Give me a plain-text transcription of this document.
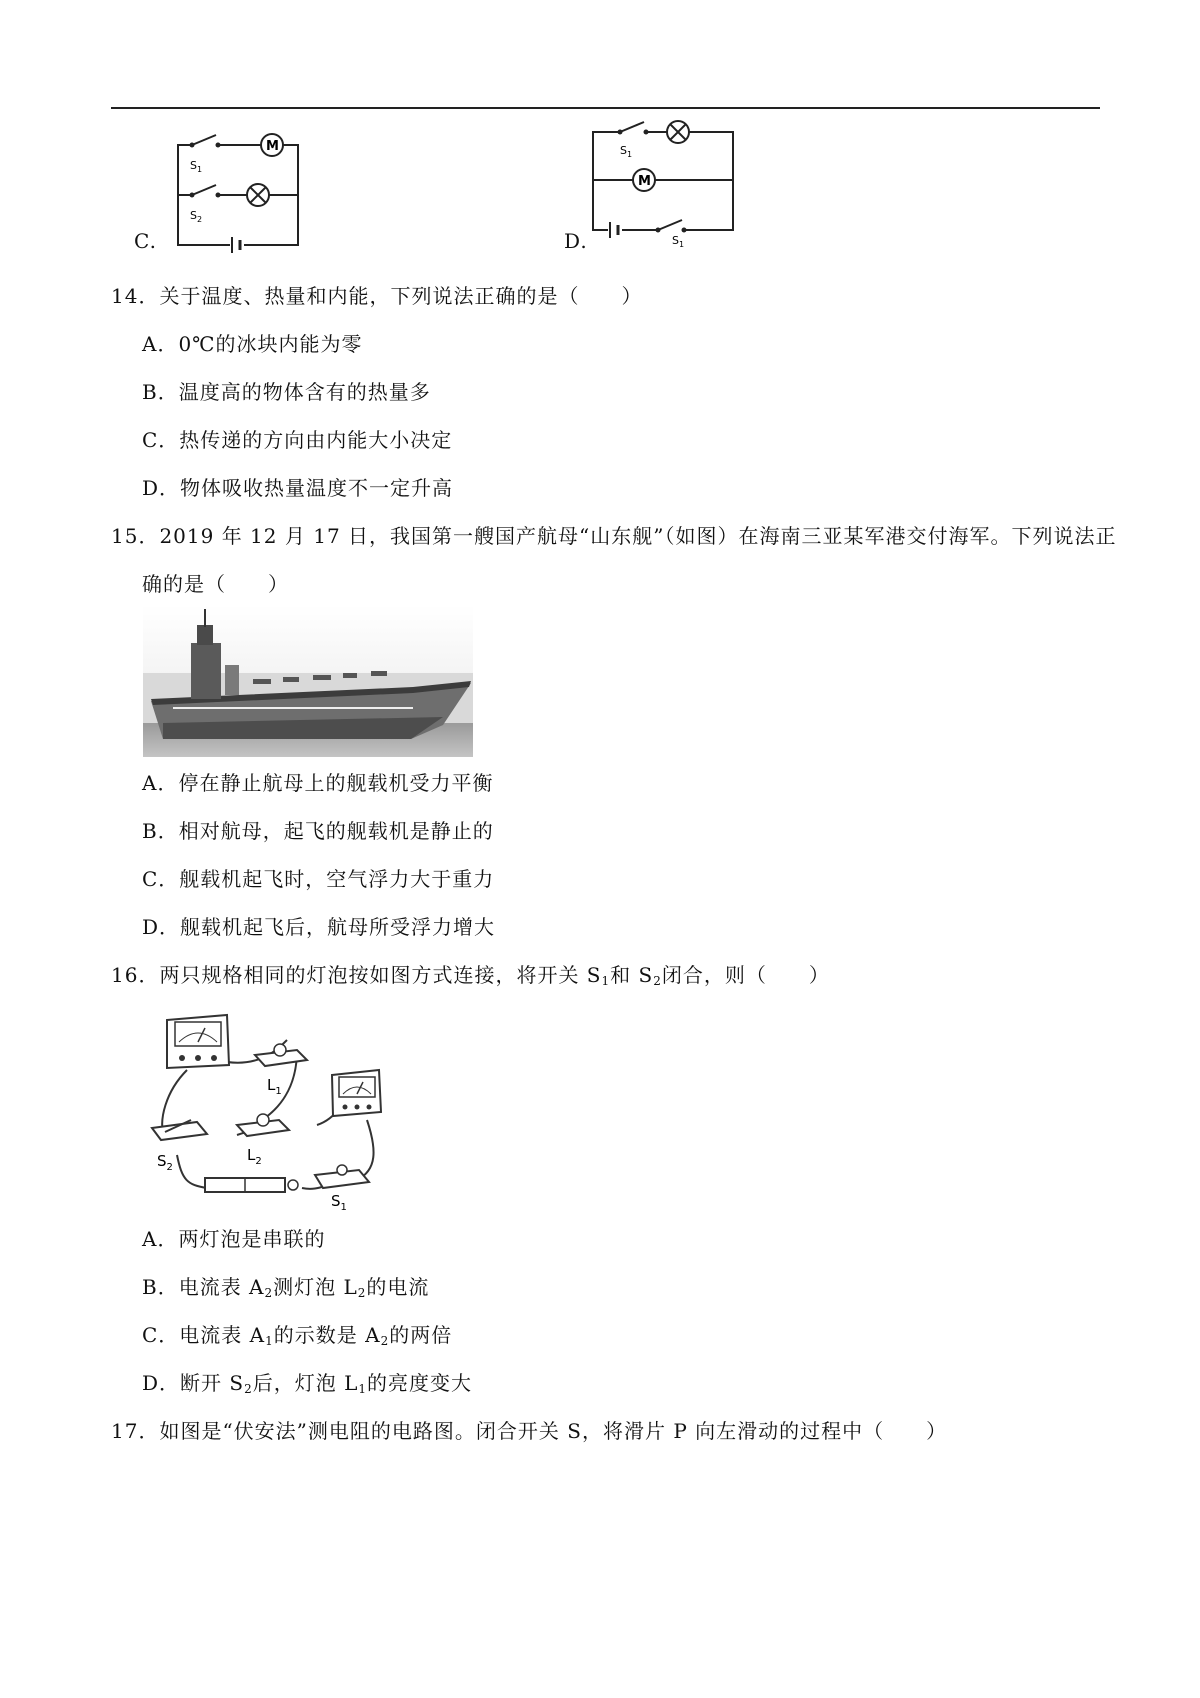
M
$S_1$
$S_2$
C.
$S_1$
M
$S_1$
D.
14．关于温度、热量和内能，下列说法正确的是（　　）
A．0℃的冰块内能为零
B．温度高的物体含有的热量多
C．热传递的方向由内能大小决定
D．物体吸收热量温度不一定升高
15．2019 年 12 月 17 日，我国第一艘国产航母“山东舰”（如图）在海南三亚某军港交付海军。下列说法正
确的是（　　）
A．停在静止航母上的舰载机受力平衡
B．相对航母，起飞的舰载机是静止的
C．舰载机起飞时，空气浮力大于重力
D．舰载机起飞后，航母所受浮力增大
16．两只规格相同的灯泡按如图方式连接，将开关 $S_1$和 $S_2$闭合，则（　　）
$L_1$
$S_2$
$L_2$
$S_1$
A．两灯泡是串联的
B．电流表 $A_2$测灯泡 $L_2$的电流
C．电流表 $A_1$的示数是 $A_2$的两倍
D．断开 $S_2$后，灯泡 $L_1$的亮度变大
17．如图是“伏安法”测电阻的电路图。闭合开关 S，将滑片 P 向左滑动的过程中（　　）
